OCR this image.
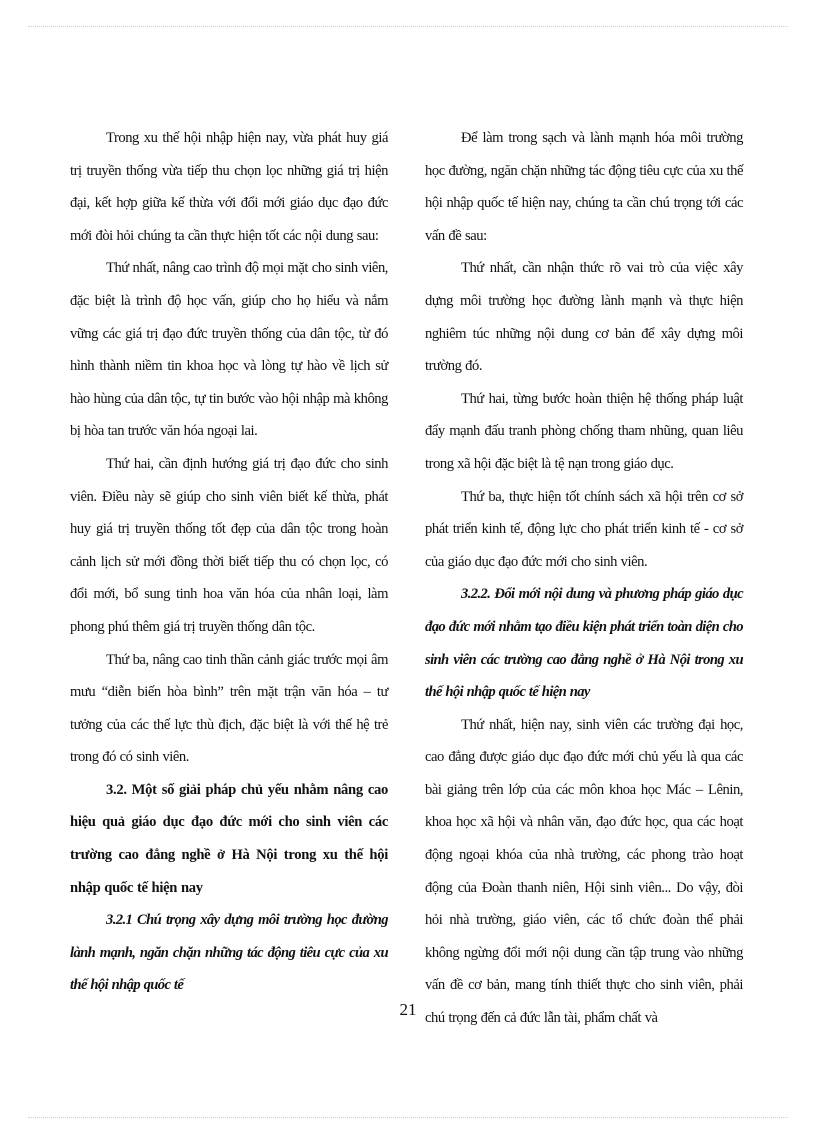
Trong xu thế hội nhập hiện nay, vừa phát huy giá trị truyền thống vừa tiếp thu chọn lọc những giá trị hiện đại, kết hợp giữa kế thừa với đổi mới giáo dục đạo đức mới đòi hỏi chúng ta cần thực hiện tốt các nội dung sau:

Thứ nhất, nâng cao trình độ mọi mặt cho sinh viên, đặc biệt là trình độ học vấn, giúp cho họ hiểu và nắm vững các giá trị đạo đức truyền thống của dân tộc, từ đó hình thành niềm tin khoa học và lòng tự hào về lịch sử hào hùng của dân tộc, tự tin bước vào hội nhập mà không bị hòa tan trước văn hóa ngoại lai.

Thứ hai, cần định hướng giá trị đạo đức cho sinh viên. Điều này sẽ giúp cho sinh viên biết kế thừa, phát huy giá trị truyền thống tốt đẹp của dân tộc trong hoàn cảnh lịch sử mới đồng thời biết tiếp thu có chọn lọc, có đổi mới, bổ sung tinh hoa văn hóa của nhân loại, làm phong phú thêm giá trị truyền thống dân tộc.

Thứ ba, nâng cao tinh thần cảnh giác trước mọi âm mưu “diễn biến hòa bình” trên mặt trận văn hóa – tư tưởng của các thế lực thù địch, đặc biệt là với thế hệ trẻ trong đó có sinh viên.

3.2. Một số giải pháp chủ yếu nhằm nâng cao hiệu quả giáo dục đạo đức mới cho sinh viên các trường cao đẳng nghề ở Hà Nội trong xu thế hội nhập quốc tế hiện nay

3.2.1 Chú trọng xây dựng môi trường học đường lành mạnh, ngăn chặn những tác động tiêu cực của xu thế hội nhập quốc tế

Để làm trong sạch và lành mạnh hóa môi trường học đường, ngăn chặn những tác động tiêu cực của xu thế hội nhập quốc tế hiện nay, chúng ta cần chú trọng tới các vấn đề sau:

Thứ nhất, cần nhận thức rõ vai trò của việc xây dựng môi trường học đường lành mạnh và thực hiện nghiêm túc những nội dung cơ bản để xây dựng môi trường đó.

Thứ hai, từng bước hoàn thiện hệ thống pháp luật đẩy mạnh đấu tranh phòng chống tham nhũng, quan liêu trong xã hội đặc biệt là tệ nạn trong giáo dục.

Thứ ba, thực hiện tốt chính sách xã hội trên cơ sở phát triển kinh tế, động lực cho phát triển kinh tế - cơ sở của giáo dục đạo đức mới cho sinh viên.

3.2.2. Đổi mới nội dung và phương pháp giáo dục đạo đức mới nhằm tạo điều kiện phát triển toàn diện cho sinh viên các trường cao đẳng nghề ở Hà Nội trong xu thế hội nhập quốc tế hiện nay

Thứ nhất, hiện nay, sinh viên các trường đại học, cao đẳng được giáo dục đạo đức mới chủ yếu là qua các bài giảng trên lớp của các môn khoa học Mác – Lênin, khoa học xã hội và nhân văn, đạo đức học, qua các hoạt động ngoại khóa của nhà trường, các phong trào hoạt động của Đoàn thanh niên, Hội sinh viên... Do vậy, đòi hỏi nhà trường, giáo viên, các tổ chức đoàn thể phải không ngừng đổi mới nội dung cần tập trung vào những vấn đề cơ bản, mang tính thiết thực cho sinh viên, phải chú trọng đến cả đức lẫn tài, phẩm chất và

21
